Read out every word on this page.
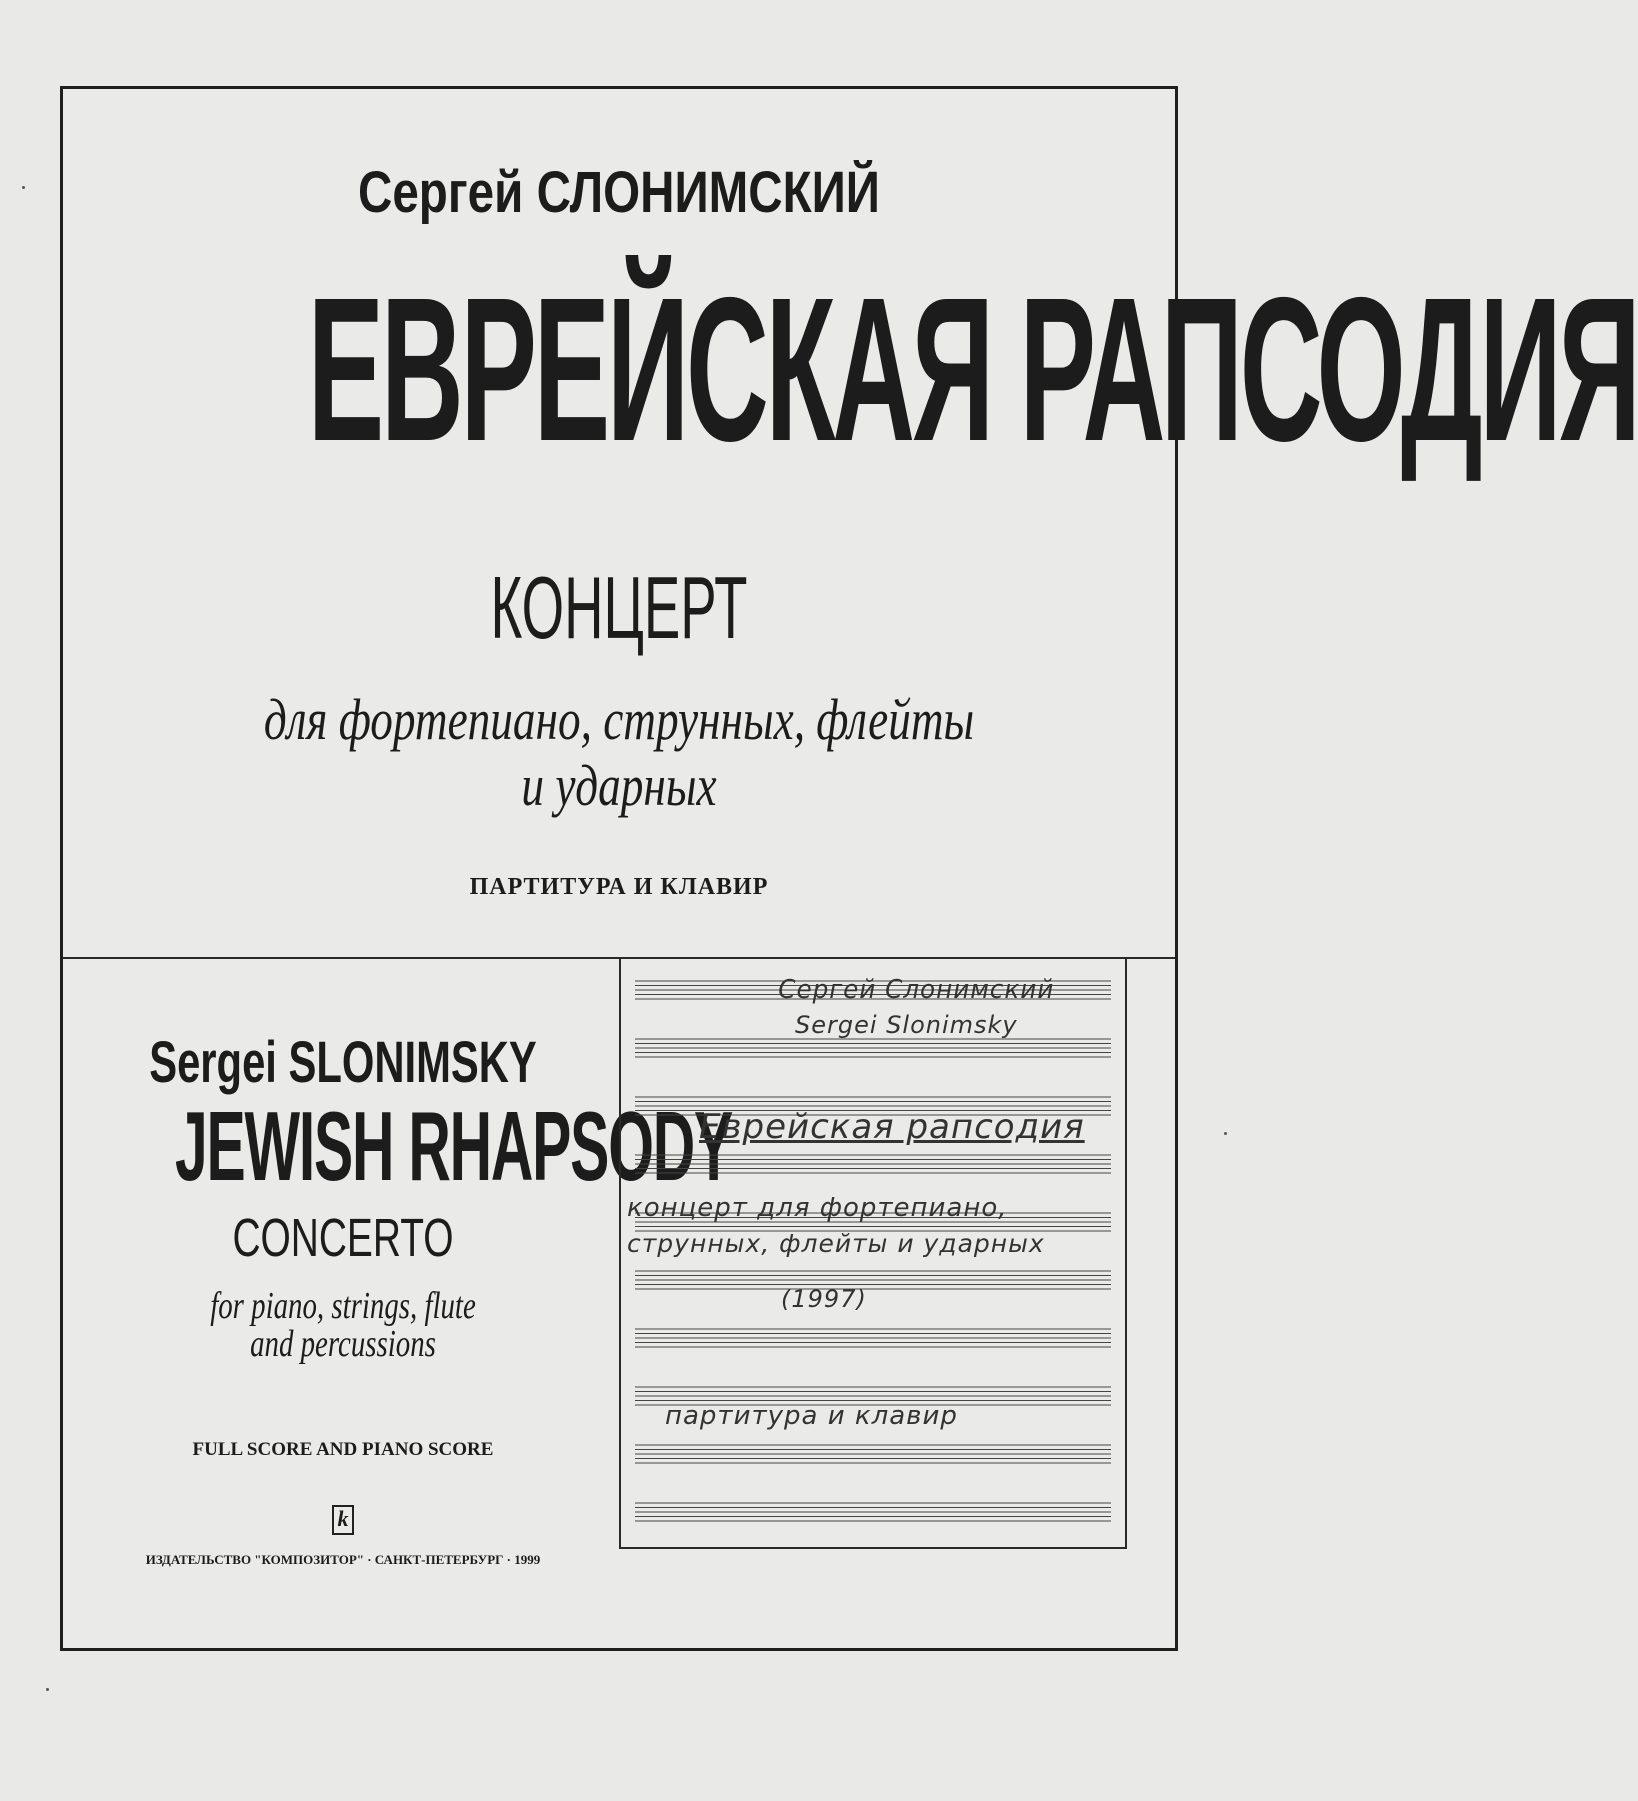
Сергей СЛОНИМСКИЙ
ЕВРЕЙСКАЯ РАПСОДИЯ
КОНЦЕРТ
для фортепиано, струнных, флейты
и ударных
ПАРТИТУРА И КЛАВИР
Sergei SLONIMSKY
JEWISH RHAPSODY
CONCERTO
for piano, strings, flute
and percussions
FULL SCORE AND PIANO SCORE
k
ИЗДАТЕЛЬСТВО "КОМПОЗИТОР" · САНКТ-ПЕТЕРБУРГ · 1999
Сергей Слонимский
Sergei Slonimsky
Еврейская рапсодия
концерт для фортепиано,
струнных, флейты и ударных
(1997)
партитура и клавир
